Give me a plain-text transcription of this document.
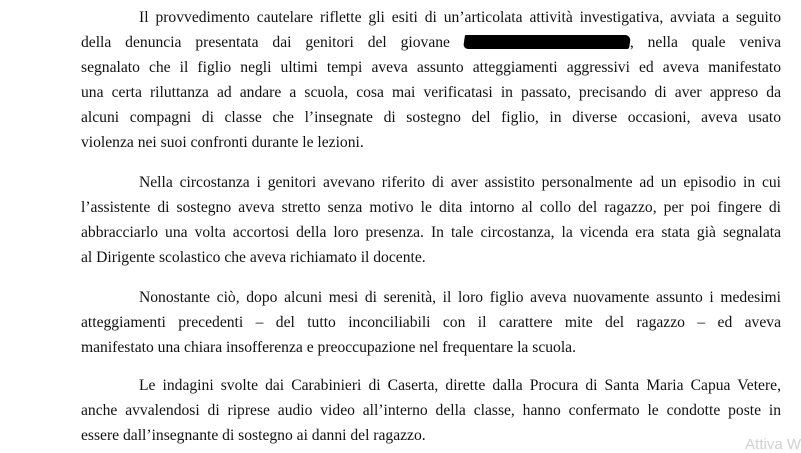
Il provvedimento cautelare riflette gli esiti di un’articolata attività investigativa, avviata a seguito
della denuncia presentata dai genitori del giovane	, nella quale veniva
segnalato che il figlio negli ultimi tempi aveva assunto atteggiamenti aggressivi ed aveva manifestato
una certa riluttanza ad andare a scuola, cosa mai verificatasi in passato, precisando di aver appreso da
alcuni compagni di classe che l’insegnate di sostegno del figlio, in diverse occasioni, aveva usato
violenza nei suoi confronti durante le lezioni.
Nella circostanza i genitori avevano riferito di aver assistito personalmente ad un episodio in cui
l’assistente di sostegno aveva stretto senza motivo le dita intorno al collo del ragazzo, per poi fingere di
abbracciarlo una volta accortosi della loro presenza. In tale circostanza, la vicenda era stata già segnalata
al Dirigente scolastico che aveva richiamato il docente.
Nonostante ciò, dopo alcuni mesi di serenità, il loro figlio aveva nuovamente assunto i medesimi
atteggiamenti precedenti – del tutto inconciliabili con il carattere mite del ragazzo – ed aveva
manifestato una chiara insofferenza e preoccupazione nel frequentare la scuola.
Le indagini svolte dai Carabinieri di Caserta, dirette dalla Procura di Santa Maria Capua Vetere,
anche avvalendosi di riprese audio video all’interno della classe, hanno confermato le condotte poste in
essere dall’insegnante di sostegno ai danni del ragazzo.
Attiva W
